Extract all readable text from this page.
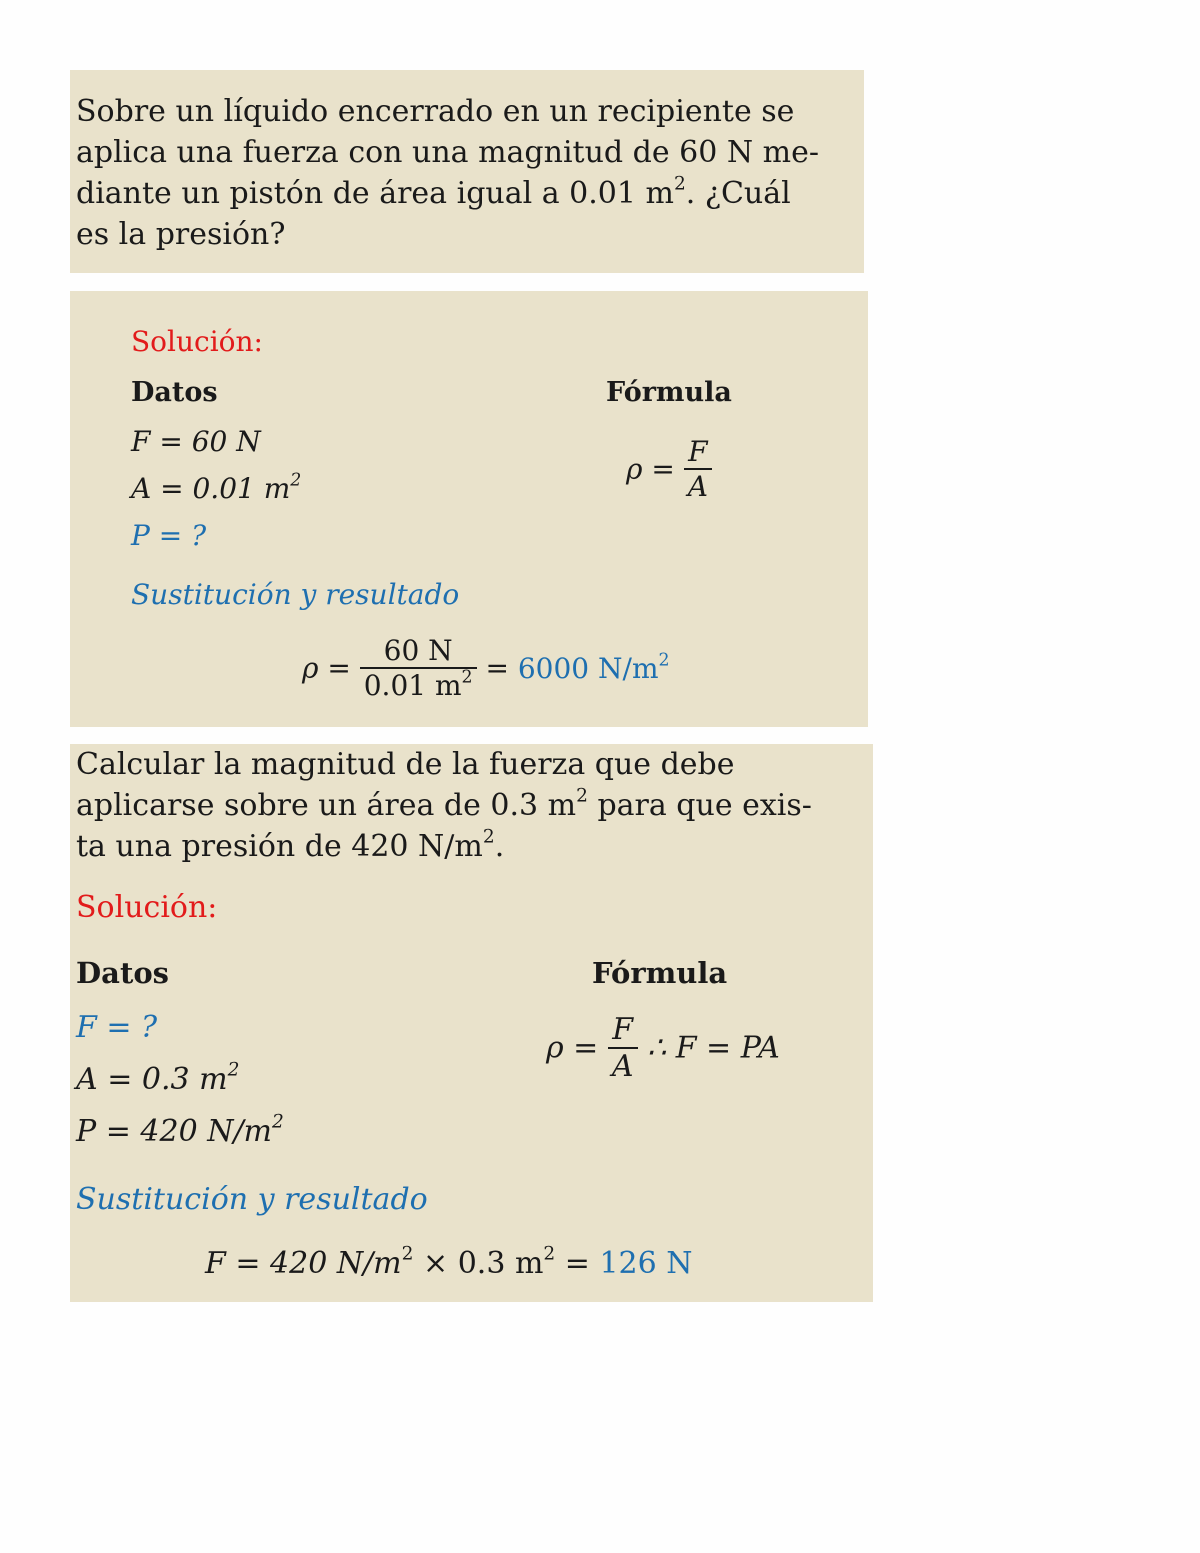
Sobre un líquido encerrado en un recipiente se
aplica una fuerza con una magnitud de 60 N me-
diante un pistón de área igual a 0.01 $m^2$. ¿Cuál
es la presión?
Solución:
Datos	Fórmula
F = 60 N
A = 0.01 $m^2$
P = ?
$\rho = \frac{F}{A}$
Sustitución y resultado
$\rho = \frac{60 N}{0.01 m^2} = 6000$ $N/m^2$
Calcular la magnitud de la fuerza que debe
aplicarse sobre un área de 0.3 $m^2$ para que exis-
ta una presión de 420 $N/m^2$.
Solución:
Datos	Fórmula
F = ?
A = 0.3 $m^2$
P = 420 $N/m^2$
$\rho = \frac{F}{A}$ ∴ F = PA
Sustitución y resultado
F = 420 $N/m^2 \times 0.3$ $m^2 = 126$ N
